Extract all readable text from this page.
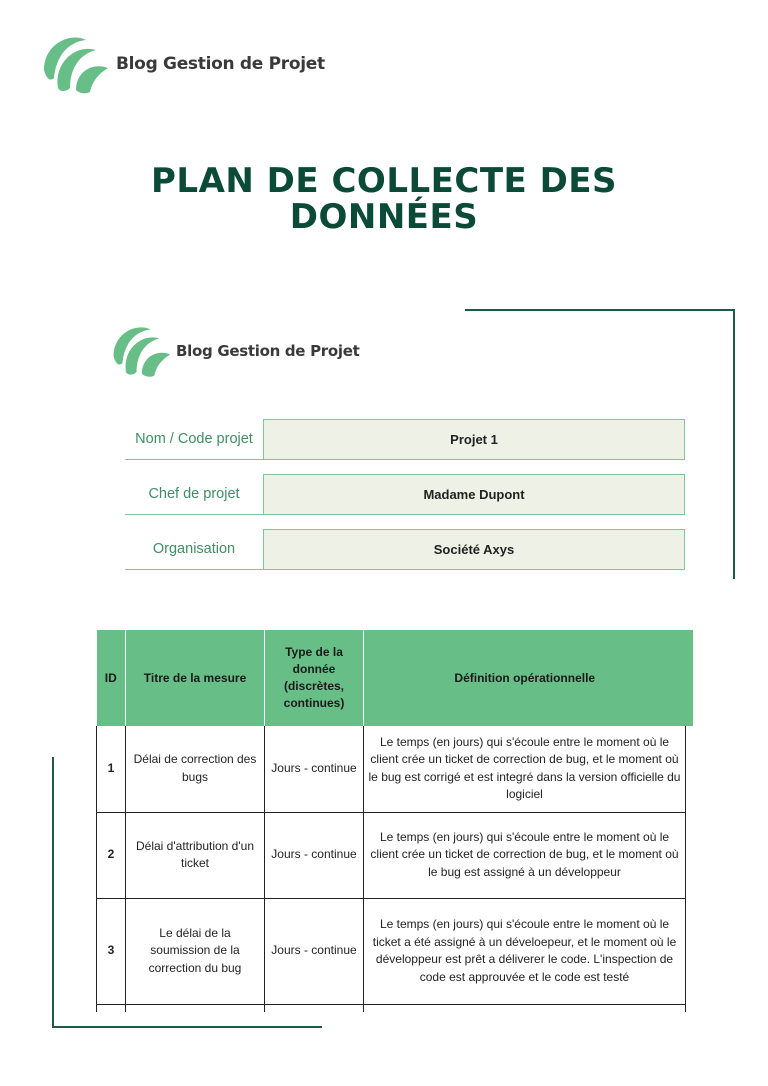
Blog Gestion de Projet
PLAN DE COLLECTE DES
DONNÉES
Blog Gestion de Projet
Nom / Code projet	Projet 1
Chef de projet	Madame Dupont
Organisation	Société Axys
ID	Titre de la mesure	Type de la donnée (discrètes, continues)	Définition opérationnelle
1	Délai de correction des bugs	Jours - continue	Le temps (en jours) qui s'écoule entre le moment où le client crée un ticket de correction de bug, et le moment où le bug est corrigé et est integré dans la version officielle du logiciel
2	Délai d'attribution d'un ticket	Jours - continue	Le temps (en jours) qui s'écoule entre le moment où le client crée un ticket de correction de bug, et le moment où le bug est assigné à un développeur
3	Le délai de la soumission de la correction du bug	Jours - continue	Le temps (en jours) qui s'écoule entre le moment où le ticket a été assigné à un déveloepeur, et le moment où le développeur est prêt a déliverer le code. L'inspection de code est approuvée et le code est testé
